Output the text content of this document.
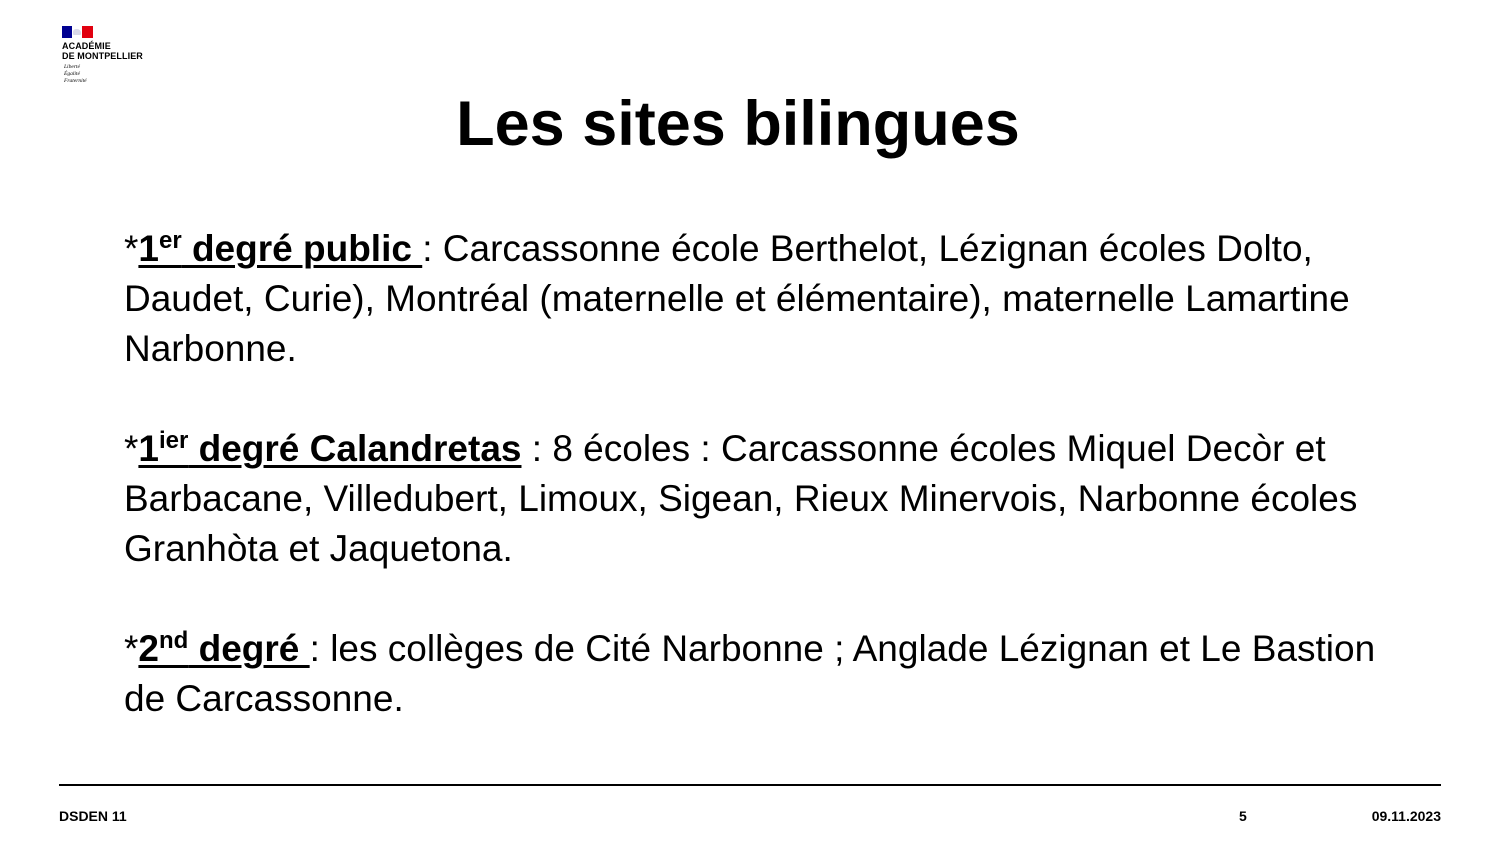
ACADÉMIE
DE MONTPELLIER
Liberté
Égalité
Fraternité
Les sites bilingues

*1er degré public : Carcassonne école Berthelot, Lézignan écoles Dolto, Daudet, Curie), Montréal (maternelle et élémentaire), maternelle Lamartine Narbonne.

$*1^{ier}$ degré Calandretas : 8 écoles : Carcassonne écoles Miquel Decòr et Barbacane, Villedubert, Limoux, Sigean, Rieux Minervois, Narbonne écoles Granhòta et Jaquetona.

*2nd degré : les collèges de Cité Narbonne ; Anglade Lézignan et Le Bastion de Carcassonne.

DSDEN 11	5	09.11.2023
